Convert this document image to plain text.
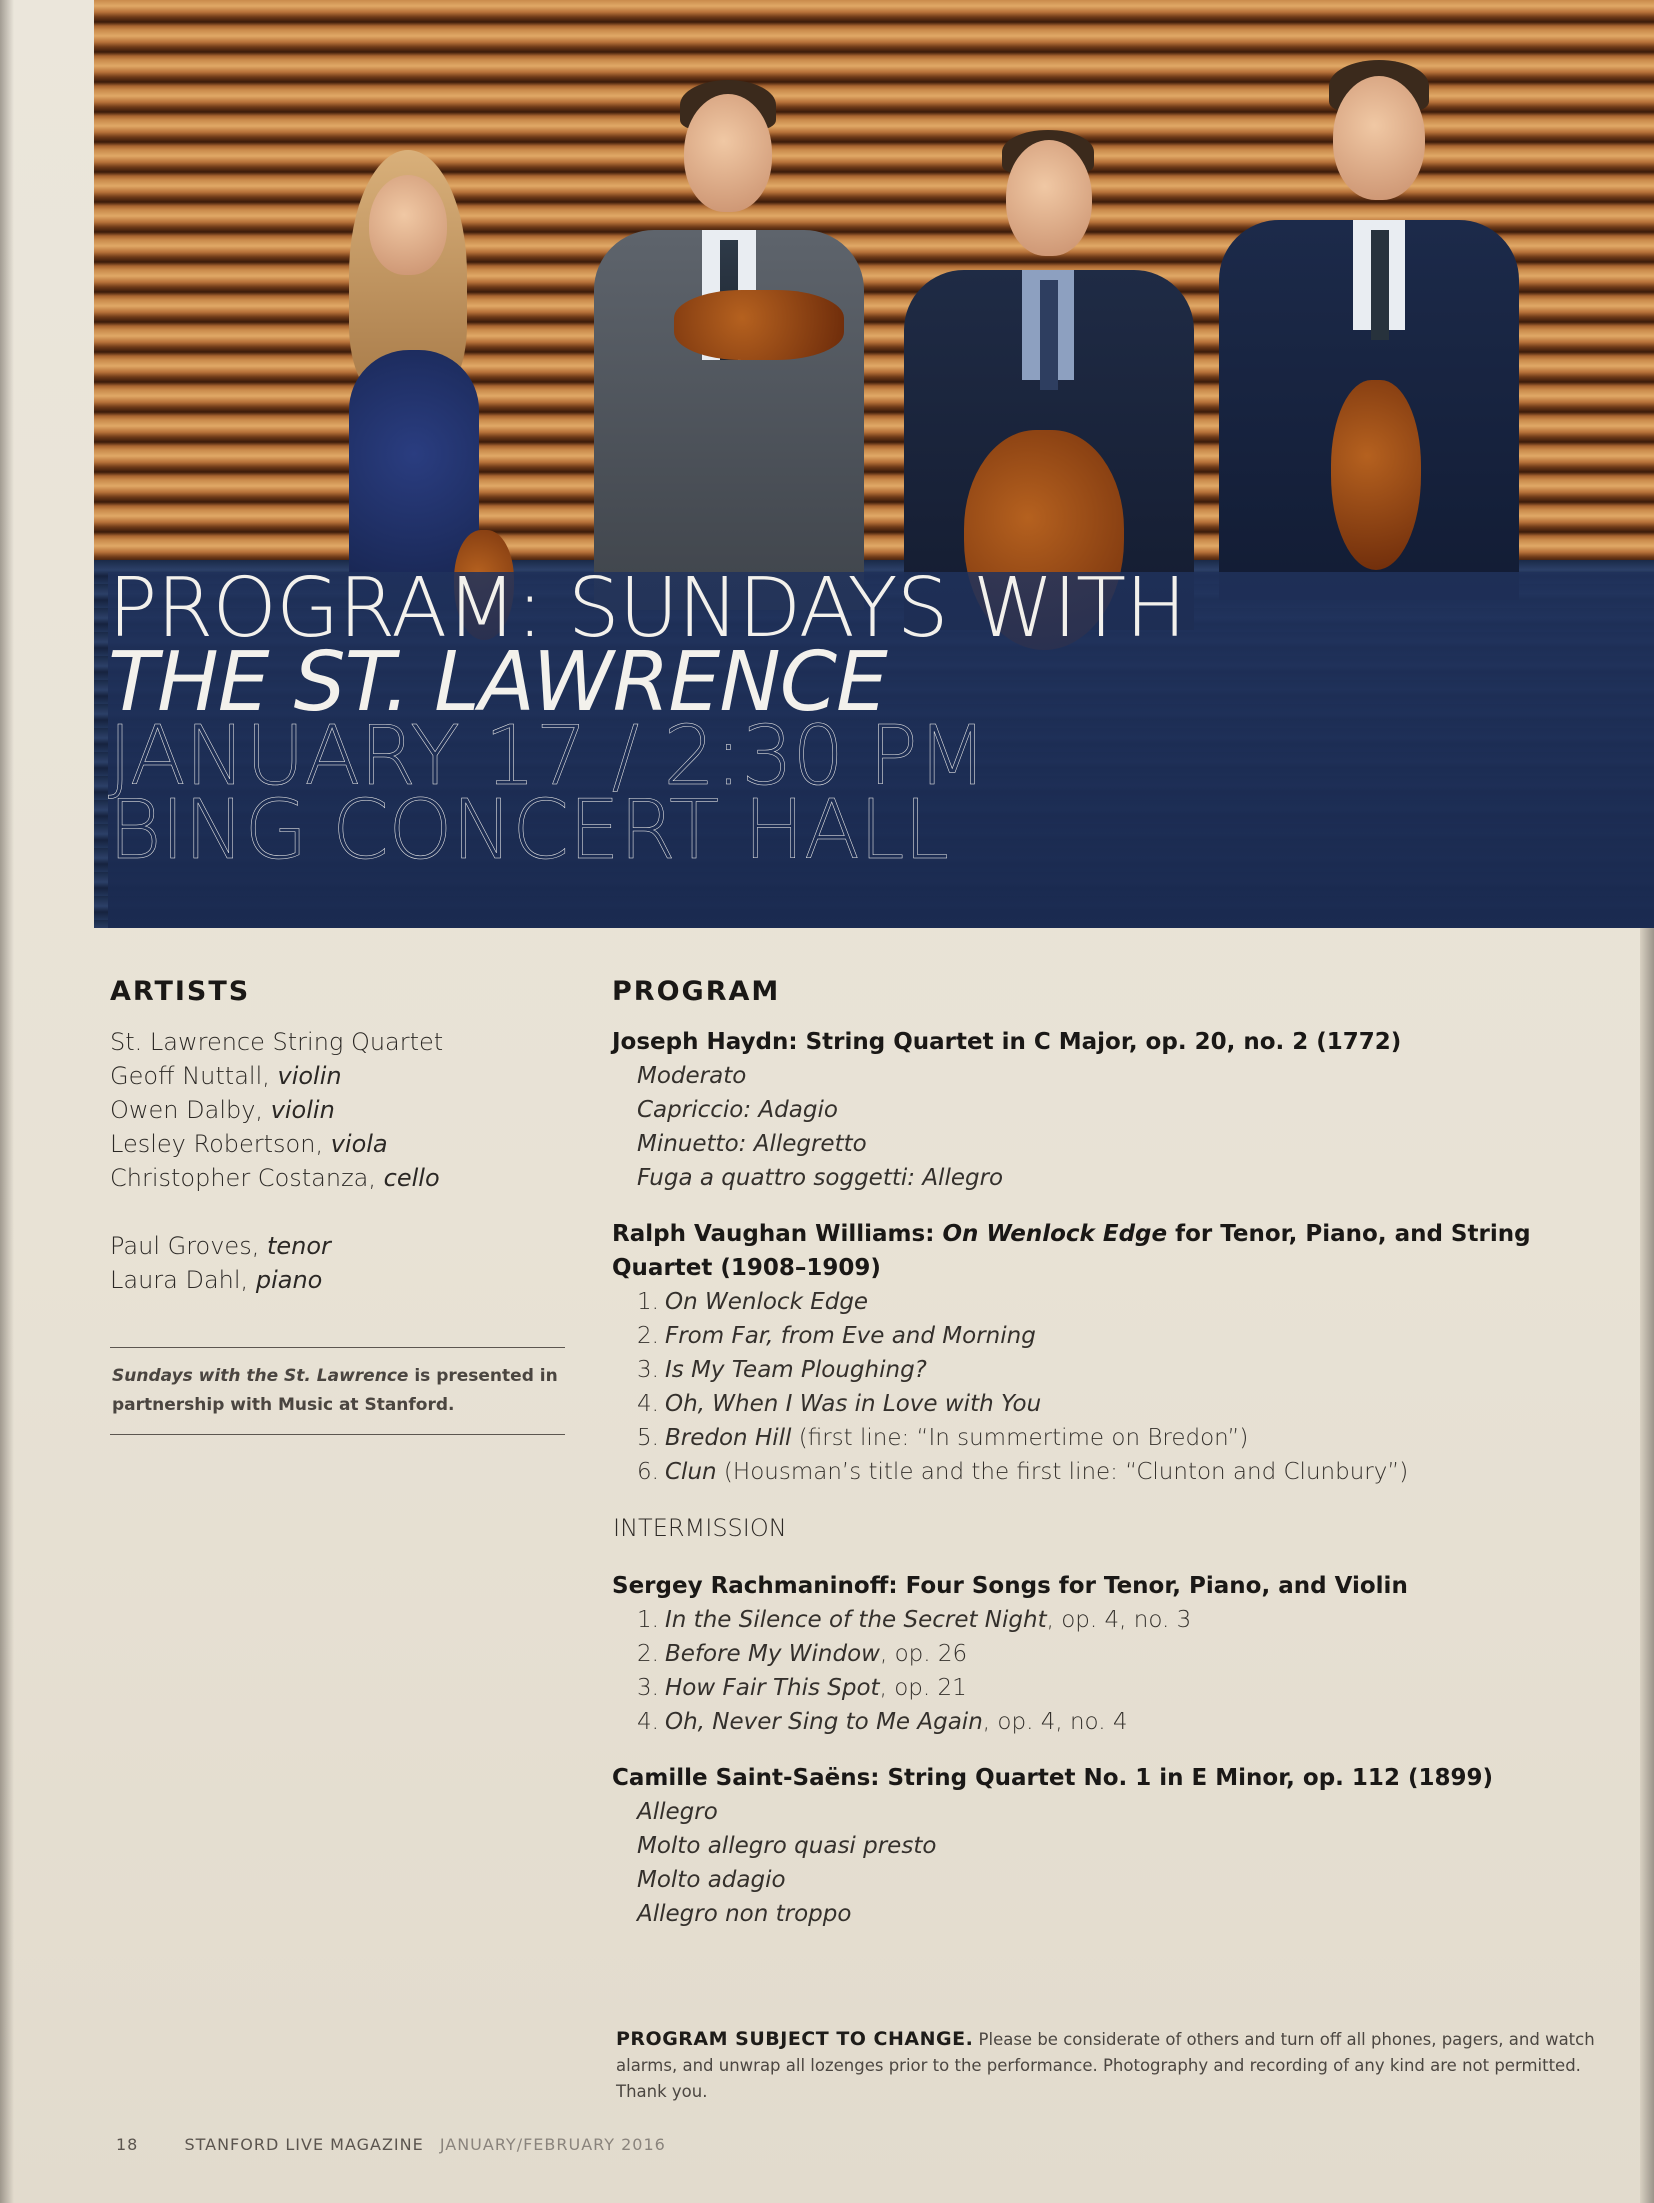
PROGRAM: SUNDAYS WITH
THE ST. LAWRENCE
JANUARY 17 / 2:30 PM
BING CONCERT HALL
ARTISTS
St. Lawrence String Quartet
Geoff Nuttall, violin
Owen Dalby, violin
Lesley Robertson, viola
Christopher Costanza, cello
Paul Groves, tenor
Laura Dahl, piano
Sundays with the St. Lawrence is presented in partnership with Music at Stanford.
PROGRAM
Joseph Haydn: String Quartet in C Major, op. 20, no. 2 (1772)
Moderato
Capriccio: Adagio
Minuetto: Allegretto
Fuga a quattro soggetti: Allegro
Ralph Vaughan Williams: On Wenlock Edge for Tenor, Piano, and String Quartet (1908–1909)
1. On Wenlock Edge
2. From Far, from Eve and Morning
3. Is My Team Ploughing?
4. Oh, When I Was in Love with You
5. Bredon Hill (first line: “In summertime on Bredon”)
6. Clun (Housman’s title and the first line: “Clunton and Clunbury”)
INTERMISSION
Sergey Rachmaninoff: Four Songs for Tenor, Piano, and Violin
1. In the Silence of the Secret Night, op. 4, no. 3
2. Before My Window, op. 26
3. How Fair This Spot, op. 21
4. Oh, Never Sing to Me Again, op. 4, no. 4
Camille Saint-Saëns: String Quartet No. 1 in E Minor, op. 112 (1899)
Allegro
Molto allegro quasi presto
Molto adagio
Allegro non troppo
PROGRAM SUBJECT TO CHANGE. Please be considerate of others and turn off all phones, pagers, and watch alarms, and unwrap all lozenges prior to the performance. Photography and recording of any kind are not permitted. Thank you.
18	STANFORD LIVE MAGAZINE JANUARY/FEBRUARY 2016
